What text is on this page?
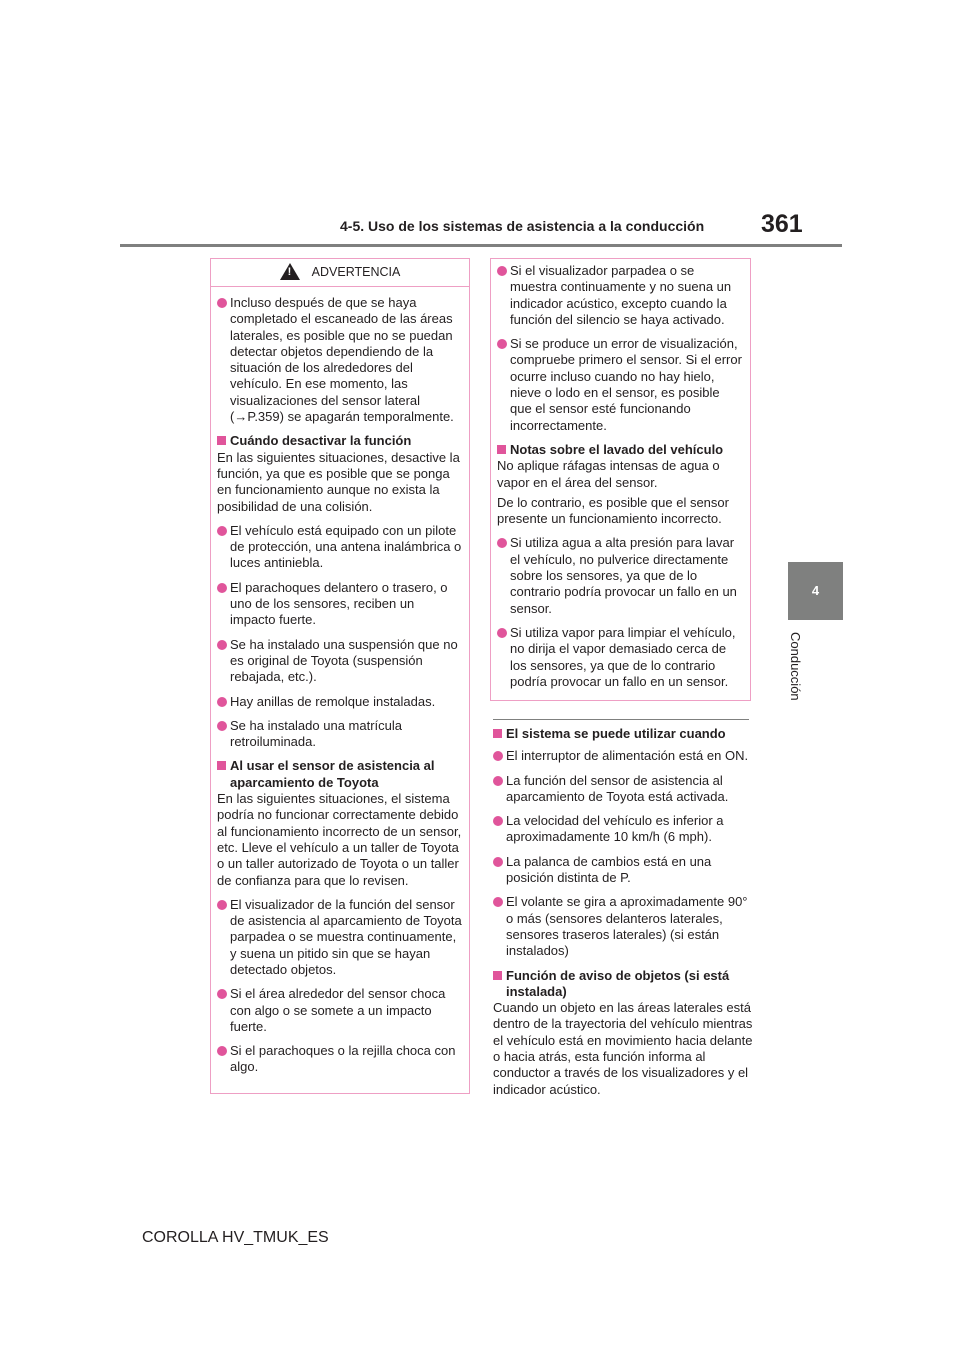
4-5. Uso de los sistemas de asistencia a la conducción 361
4
Conducción
! ADVERTENCIA
Incluso después de que se haya completado el escaneado de las áreas laterales, es posible que no se puedan detectar objetos dependiendo de la situación de los alrededores del vehículo. En ese momento, las visualizaciones del sensor lateral (→P.359) se apagarán temporalmente.
Cuándo desactivar la función
En las siguientes situaciones, desactive la función, ya que es posible que se ponga en funcionamiento aunque no exista la posibilidad de una colisión.
El vehículo está equipado con un pilote de protección, una antena inalámbrica o luces antiniebla.
El parachoques delantero o trasero, o uno de los sensores, reciben un impacto fuerte.
Se ha instalado una suspensión que no es original de Toyota (suspensión rebajada, etc.).
Hay anillas de remolque instaladas.
Se ha instalado una matrícula retroiluminada.
Al usar el sensor de asistencia al aparcamiento de Toyota
En las siguientes situaciones, el sistema podría no funcionar correctamente debido al funcionamiento incorrecto de un sensor, etc. Lleve el vehículo a un taller de Toyota o un taller autorizado de Toyota o un taller de confianza para que lo revisen.
El visualizador de la función del sensor de asistencia al aparcamiento de Toyota parpadea o se muestra continuamente, y suena un pitido sin que se hayan detectado objetos.
Si el área alrededor del sensor choca con algo o se somete a un impacto fuerte.
Si el parachoques o la rejilla choca con algo.
Si el visualizador parpadea o se muestra continuamente y no suena un indicador acústico, excepto cuando la función del silencio se haya activado.
Si se produce un error de visualización, compruebe primero el sensor. Si el error ocurre incluso cuando no hay hielo, nieve o lodo en el sensor, es posible que el sensor esté funcionando incorrectamente.
Notas sobre el lavado del vehículo
No aplique ráfagas intensas de agua o vapor en el área del sensor.
De lo contrario, es posible que el sensor presente un funcionamiento incorrecto.
Si utiliza agua a alta presión para lavar el vehículo, no pulverice directamente sobre los sensores, ya que de lo contrario podría provocar un fallo en un sensor.
Si utiliza vapor para limpiar el vehículo, no dirija el vapor demasiado cerca de los sensores, ya que de lo contrario podría provocar un fallo en un sensor.
El sistema se puede utilizar cuando
El interruptor de alimentación está en ON.
La función del sensor de asistencia al aparcamiento de Toyota está activada.
La velocidad del vehículo es inferior a aproximadamente 10 km/h (6 mph).
La palanca de cambios está en una posición distinta de P.
El volante se gira a aproximadamente 90° o más (sensores delanteros laterales, sensores traseros laterales) (si están instalados)
Función de aviso de objetos (si está instalada)
Cuando un objeto en las áreas laterales está dentro de la trayectoria del vehículo mientras el vehículo está en movimiento hacia delante o hacia atrás, esta función informa al conductor a través de los visualizadores y el indicador acústico.
COROLLA HV_TMUK_ES
